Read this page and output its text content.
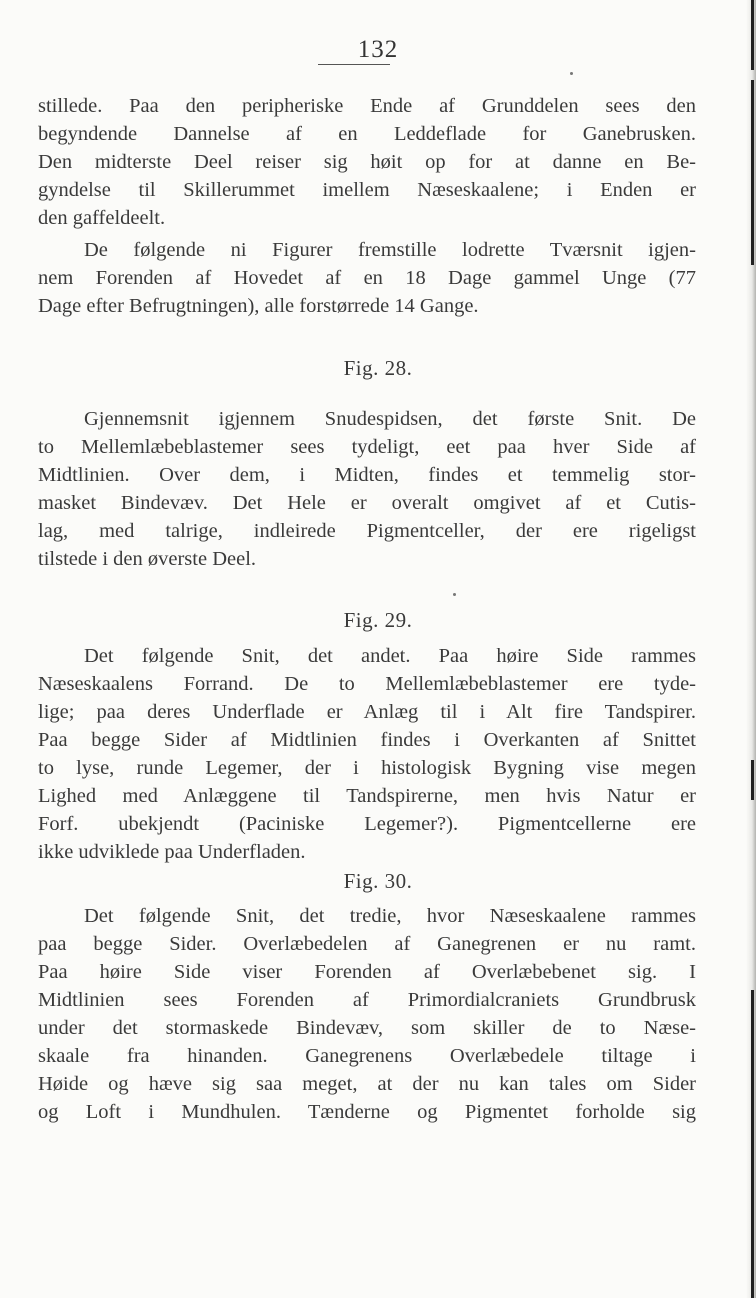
132
stillede. Paa den peripheriske Ende af Grunddelen sees den
begyndende Dannelse af en Leddeflade for Ganebrusken.
Den midterste Deel reiser sig høit op for at danne en Be-
gyndelse til Skillerummet imellem Næseskaalene; i Enden er
den gaffeldeelt.
De følgende ni Figurer fremstille lodrette Tværsnit igjen-
nem Forenden af Hovedet af en 18 Dage gammel Unge (77
Dage efter Befrugtningen), alle forstørrede 14 Gange.
Fig. 28.
Gjennemsnit igjennem Snudespidsen, det første Snit. De
to Mellemlæbeblastemer sees tydeligt, eet paa hver Side af
Midtlinien. Over dem, i Midten, findes et temmelig stor-
masket Bindevæv. Det Hele er overalt omgivet af et Cutis-
lag, med talrige, indleirede Pigmentceller, der ere rigeligst
tilstede i den øverste Deel.
Fig. 29.
Det følgende Snit, det andet. Paa høire Side rammes
Næseskaalens Forrand. De to Mellemlæbeblastemer ere tyde-
lige; paa deres Underflade er Anlæg til i Alt fire Tandspirer.
Paa begge Sider af Midtlinien findes i Overkanten af Snittet
to lyse, runde Legemer, der i histologisk Bygning vise megen
Lighed med Anlæggene til Tandspirerne, men hvis Natur er
Forf. ubekjendt (Paciniske Legemer?). Pigmentcellerne ere
ikke udviklede paa Underfladen.
Fig. 30.
Det følgende Snit, det tredie, hvor Næseskaalene rammes
paa begge Sider. Overlæbedelen af Ganegrenen er nu ramt.
Paa høire Side viser Forenden af Overlæbebenet sig. I
Midtlinien sees Forenden af Primordialcraniets Grundbrusk
under det stormaskede Bindevæv, som skiller de to Næse-
skaale fra hinanden. Ganegrenens Overlæbedele tiltage i
Høide og hæve sig saa meget, at der nu kan tales om Sider
og Loft i Mundhulen. Tænderne og Pigmentet forholde sig
